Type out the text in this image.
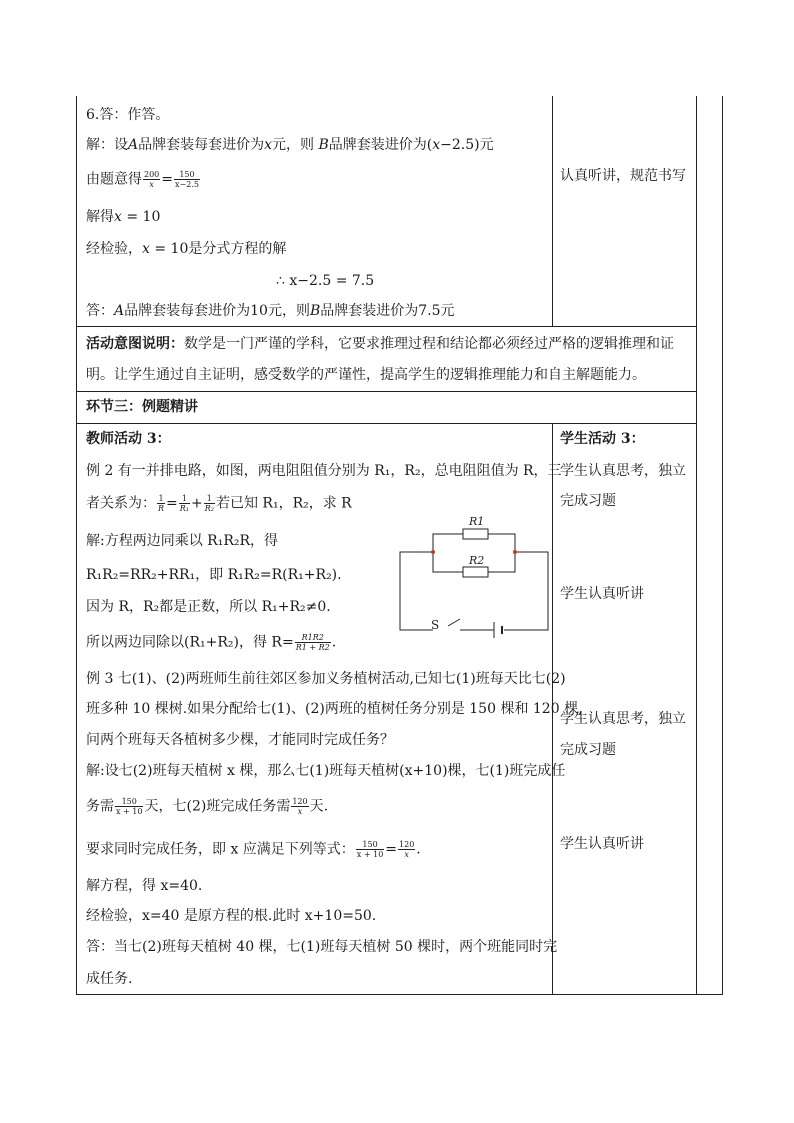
6.答：作答。
解：设A品牌套装每套进价为x元，则 B品牌套装进价为(x−2.5)元
由题意得 $\frac{200}{x} = \frac{150}{x-2.5}$
解得x = 10
经检验，x = 10是分式方程的解
∴ x−2.5 = 7.5
答：A品牌套装每套进价为10元，则B品牌套装进价为7.5元
认真听讲，规范书写
活动意图说明：数学是一门严谨的学科，它要求推理过程和结论都必须经过严格的逻辑推理和证
明。让学生通过自主证明，感受数学的严谨性，提高学生的逻辑推理能力和自主解题能力。
环节三：例题精讲
教师活动 3：
例 2 有一并排电路，如图，两电阻阻值分别为 R₁，R₂，总电阻阻值为 R，三
者关系为： $\frac{1}{R} = \frac{1}{\text{R₁}} + \frac{1}{\text{R₂}}$ 若已知 R₁，R₂，求 R
解:方程两边同乘以 R₁R₂R，得
R₁R₂=RR₂+RR₁，即 R₁R₂=R(R₁+R₂).
因为 R，R₂都是正数，所以 R₁+R₂≠0.
所以两边同除以(R₁+R₂)，得 $R= \frac{R1R2}{R1 + R2}$ .
R1
R2
S
例 3 七(1)、(2)两班师生前往郊区参加义务植树活动,已知七(1)班每天比七(2)
班多种 10 棵树.如果分配给七(1)、(2)两班的植树任务分别是 150 棵和 120 棵,
问两个班每天各植树多少棵，才能同时完成任务？
解:设七(2)班每天植树 x 棵，那么七(1)班每天植树(x+10)棵，七(1)班完成任
务需 $\frac{150}{x + 10}$ 天，七(2)班完成任务需 $\frac{120}{x}$ 天.
要求同时完成任务，即 x 应满足下列等式： $\frac{150}{x + 10} = \frac{120}{x}$ .
解方程，得 x=40.
经检验，x=40 是原方程的根.此时 x+10=50.
答：当七(2)班每天植树 40 棵，七(1)班每天植树 50 棵时，两个班能同时完
成任务.
学生活动 3：
学生认真思考，独立
完成习题
学生认真听讲
学生认真思考，独立
完成习题
学生认真听讲
